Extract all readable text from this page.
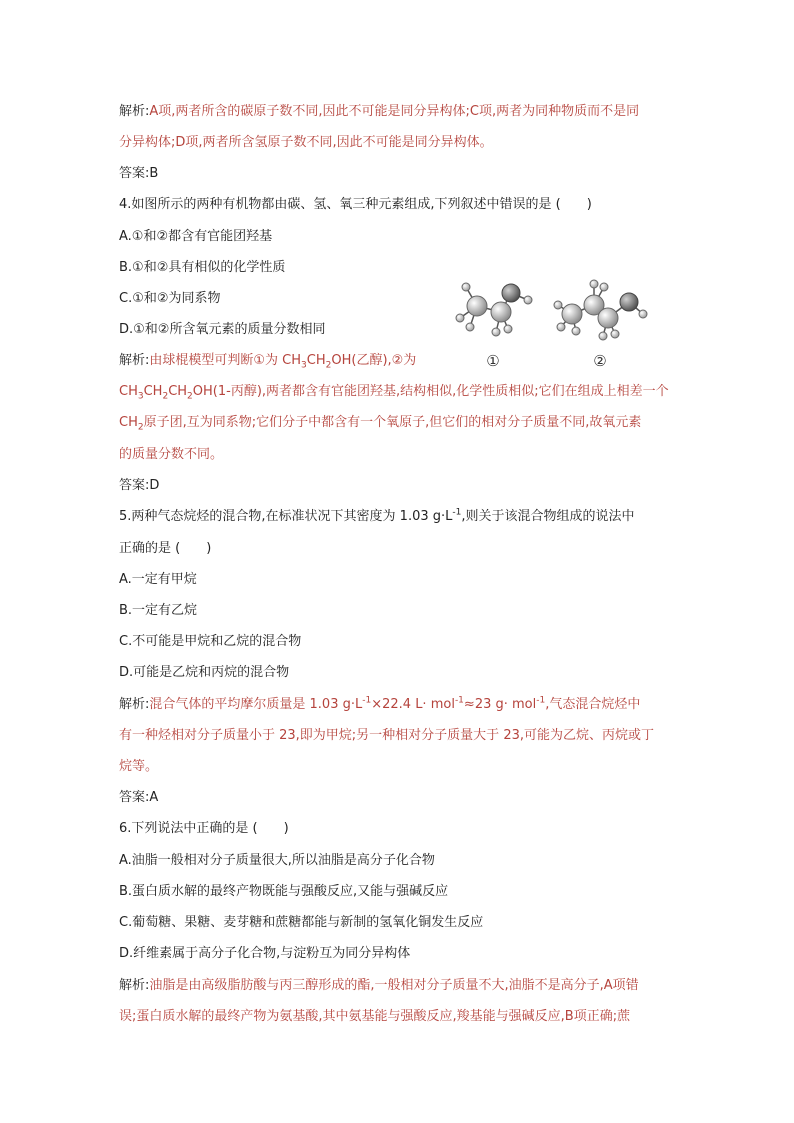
解析:A项,两者所含的碳原子数不同,因此不可能是同分异构体;C项,两者为同种物质而不是同
分异构体;D项,两者所含氢原子数不同,因此不可能是同分异构体。
答案:B
4.如图所示的两种有机物都由碳、氢、氧三种元素组成,下列叙述中错误的是 (　　)
A.①和②都含有官能团羟基
B.①和②具有相似的化学性质
C.①和②为同系物
D.①和②所含氧元素的质量分数相同
解析:由球棍模型可判断①为 $CH_3CH_2OH$(乙醇),②为
$CH_3CH_2CH_2OH(1-$丙醇),两者都含有官能团羟基,结构相似,化学性质相似;它们在组成上相差一个
$CH_2$原子团,互为同系物;它们分子中都含有一个氧原子,但它们的相对分子质量不同,故氧元素
的质量分数不同。
答案:D
①	②
5.两种气态烷烃的混合物,在标准状况下其密度为 1.03 $g\cdot L^{-1}$,则关于该混合物组成的说法中
正确的是 (　　)
A.一定有甲烷
B.一定有乙烷
C.不可能是甲烷和乙烷的混合物
D.可能是乙烷和丙烷的混合物
解析:混合气体的平均摩尔质量是 1.03 $g\cdot L^{-1}\times 22.4$ L· mol$^{-1}$≈23 g· mol$^{-1}$,气态混合烷烃中
有一种烃相对分子质量小于 23,即为甲烷;另一种相对分子质量大于 23,可能为乙烷、丙烷或丁
烷等。
答案:A
6.下列说法中正确的是 (　　)
A.油脂一般相对分子质量很大,所以油脂是高分子化合物
B.蛋白质水解的最终产物既能与强酸反应,又能与强碱反应
C.葡萄糖、果糖、麦芽糖和蔗糖都能与新制的氢氧化铜发生反应
D.纤维素属于高分子化合物,与淀粉互为同分异构体
解析:油脂是由高级脂肪酸与丙三醇形成的酯,一般相对分子质量不大,油脂不是高分子,A项错
误;蛋白质水解的最终产物为氨基酸,其中氨基能与强酸反应,羧基能与强碱反应,B项正确;蔗
